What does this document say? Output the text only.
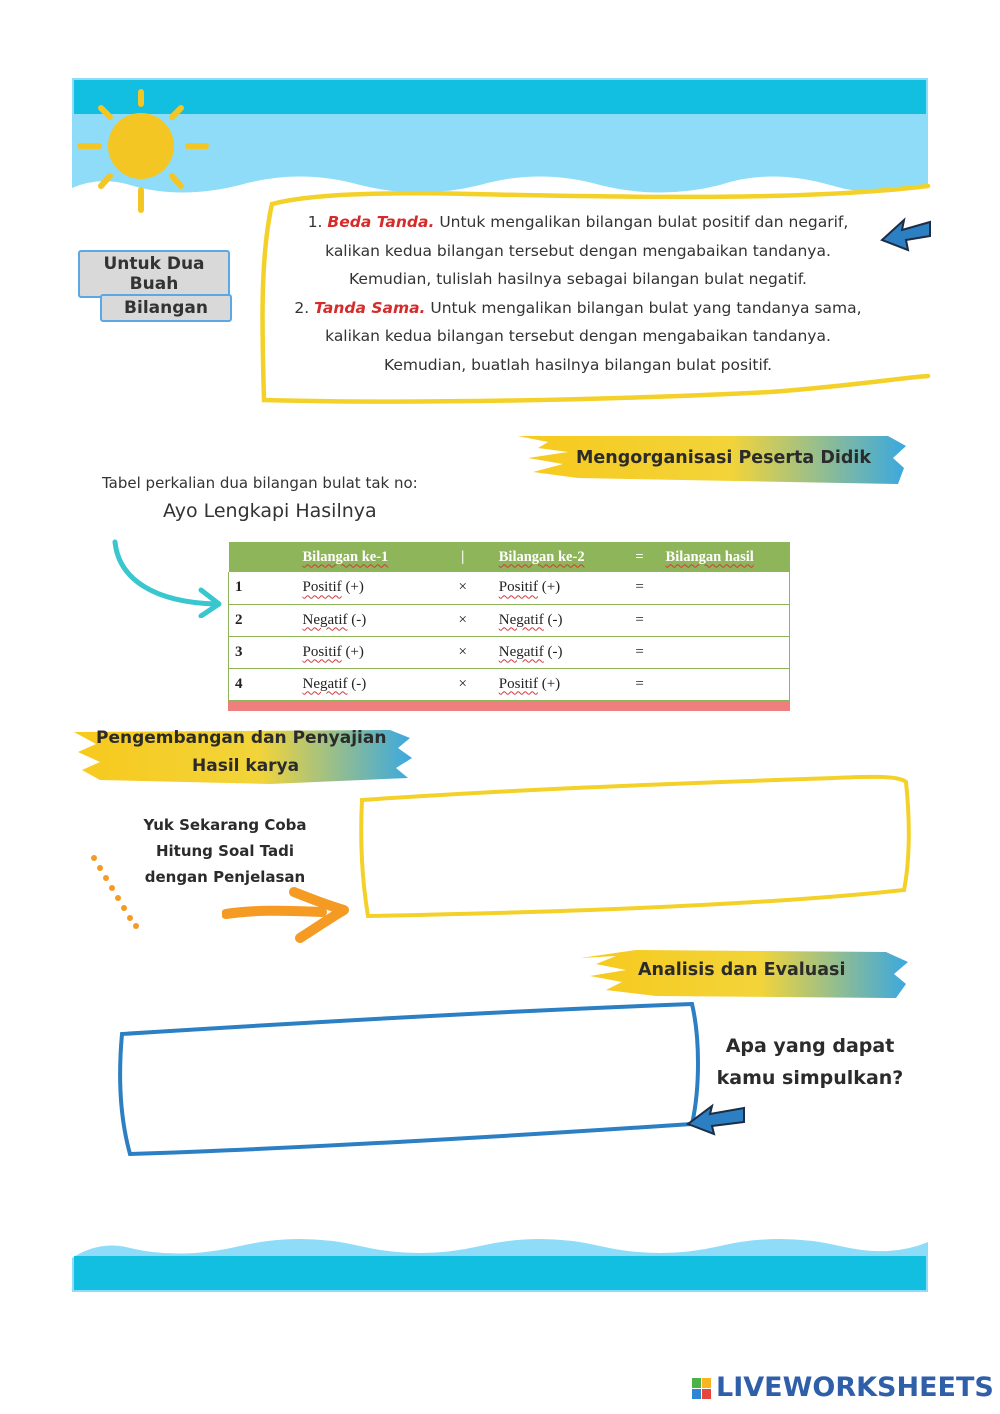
Untuk Dua Buah
Bilangan
1. Beda Tanda. Untuk mengalikan bilangan bulat positif dan negarif,
kalikan kedua bilangan tersebut dengan mengabaikan tandanya.
Kemudian, tulislah hasilnya sebagai bilangan bulat negatif.
2. Tanda Sama. Untuk mengalikan bilangan bulat yang tandanya sama,
kalikan kedua bilangan tersebut dengan mengabaikan tandanya.
Kemudian, buatlah hasilnya bilangan bulat positif.
Mengorganisasi Peserta Didik
Tabel perkalian dua bilangan bulat tak no:
Ayo Lengkapi Hasilnya
	Bilangan ke-1	|	Bilangan ke-2	=	Bilangan hasil
1	Positif (+)	×	Positif (+)	=	
2	Negatif (-)	×	Negatif (-)	=	
3	Positif (+)	×	Negatif (-)	=	
4	Negatif (-)	×	Positif (+)	=	
Pengembangan dan Penyajian
Hasil karya
Yuk Sekarang Coba
Hitung Soal Tadi
dengan Penjelasan
Analisis dan Evaluasi
Apa yang dapat
kamu simpulkan?
LIVEWORKSHEETS
